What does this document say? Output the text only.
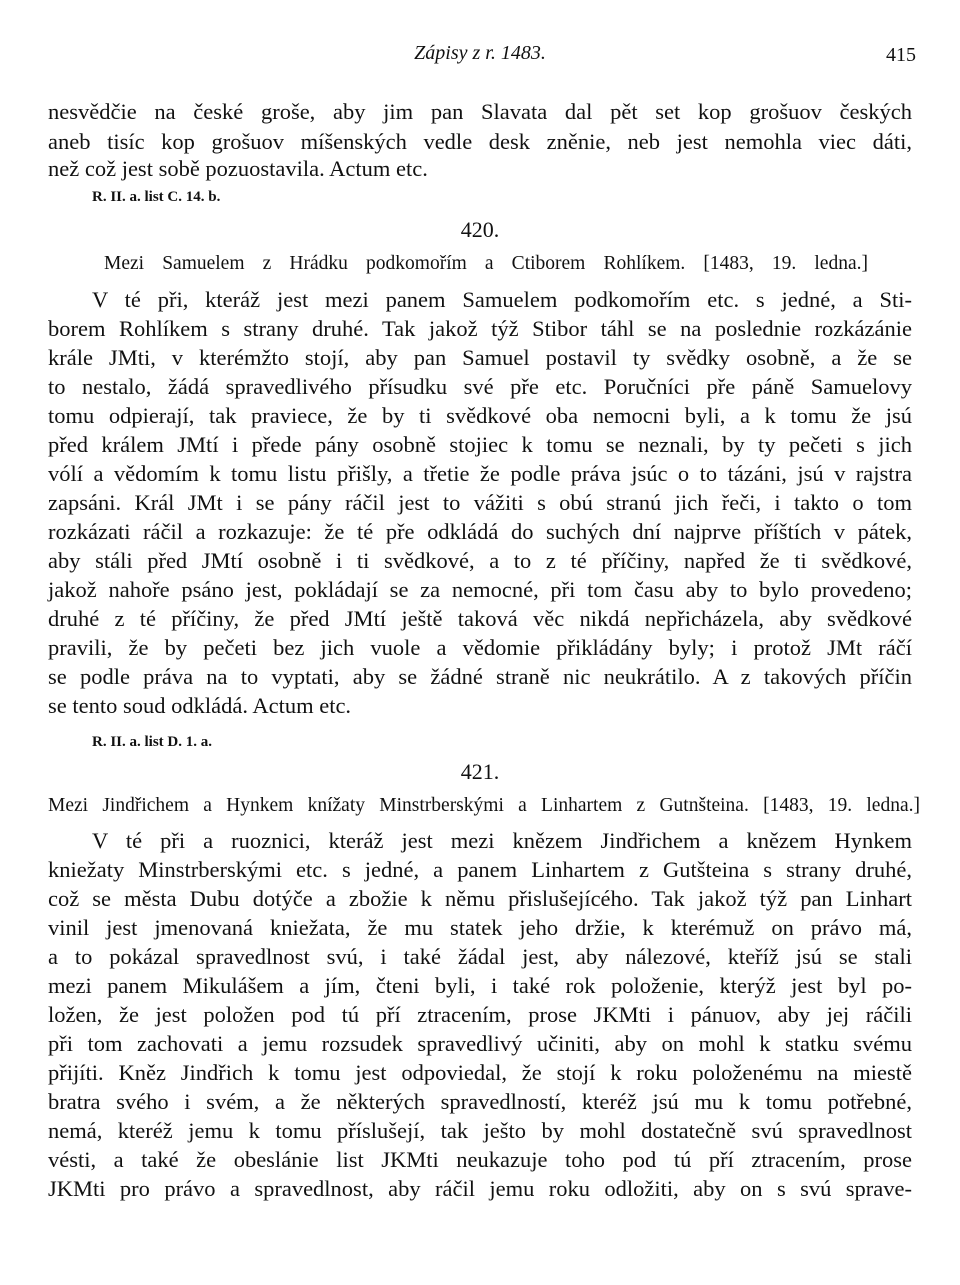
Zápisy z r. 1483.	415
nesvědčie na české groše, aby jim pan Slavata dal pět set kop grošuov českých
aneb tisíc kop grošuov míšenských vedle desk zněnie, neb jest nemohla viec dáti,
než což jest sobě pozuostavila. Actum etc.
R. II. a. list C. 14. b.
420.
Mezi Samuelem z Hrádku podkomořím a Ctiborem Rohlíkem. [1483, 19. ledna.]
V té při, kteráž jest mezi panem Samuelem podkomořím etc. s jedné, a Sti-
borem Rohlíkem s strany druhé. Tak jakož týž Stibor táhl se na poslednie rozkázánie
krále JMti, v kterémžto stojí, aby pan Samuel postavil ty svědky osobně, a že se
to nestalo, žádá spravedlivého přísudku své pře etc. Poručníci pře páně Samuelovy
tomu odpierají, tak praviece, že by ti svědkové oba nemocni byli, a k tomu že jsú
před králem JMtí i přede pány osobně stojiec k tomu se neznali, by ty pečeti s jich
vólí a vědomím k tomu listu přišly, a třetie že podle práva jsúc o to tázáni, jsú v rajstra
zapsáni. Král JMt i se pány ráčil jest to vážiti s obú stranú jich řeči, i takto o tom
rozkázati ráčil a rozkazuje: že té pře odkládá do suchých dní najprve příštích v pátek,
aby stáli před JMtí osobně i ti svědkové, a to z té příčiny, napřed že ti svědkové,
jakož nahoře psáno jest, pokládají se za nemocné, při tom času aby to bylo provedeno;
druhé z té příčiny, že před JMtí ještě taková věc nikdá nepřicházela, aby svědkové
pravili, že by pečeti bez jich vuole a vědomie přikládány byly; i protož JMt ráčí
se podle práva na to vyptati, aby se žádné straně nic neukrátilo. A z takových příčin
se tento soud odkládá. Actum etc.
R. II. a. list D. 1. a.
421.
Mezi Jindřichem a Hynkem knížaty Minstrberskými a Linhartem z Gutnšteina. [1483, 19. ledna.]
V té při a ruoznici, kteráž jest mezi knězem Jindřichem a knězem Hynkem
kniežaty Minstrberskými etc. s jedné, a panem Linhartem z Gutšteina s strany druhé,
což se města Dubu dotýče a zbožie k němu přislušejícého. Tak jakož týž pan Linhart
vinil jest jmenovaná kniežata, že mu statek jeho držie, k kterémuž on právo má,
a to pokázal spravedlnost svú, i také žádal jest, aby nálezové, kteříž jsú se stali
mezi panem Mikulášem a jím, čteni byli, i také rok položenie, kterýž jest byl po-
ložen, že jest položen pod tú pří ztracením, prose JKMti i pánuov, aby jej ráčili
při tom zachovati a jemu rozsudek spravedlivý učiniti, aby on mohl k statku svému
přijíti. Kněz Jindřich k tomu jest odpoviedal, že stojí k roku položenému na miestě
bratra svého i svém, a že některých spravedlností, kteréž jsú mu k tomu potřebné,
nemá, kteréž jemu k tomu příslušejí, tak ješto by mohl dostatečně svú spravedlnost
vésti, a také že obeslánie list JKMti neukazuje toho pod tú pří ztracením, prose
JKMti pro právo a spravedlnost, aby ráčil jemu roku odložiti, aby on s svú sprave-
